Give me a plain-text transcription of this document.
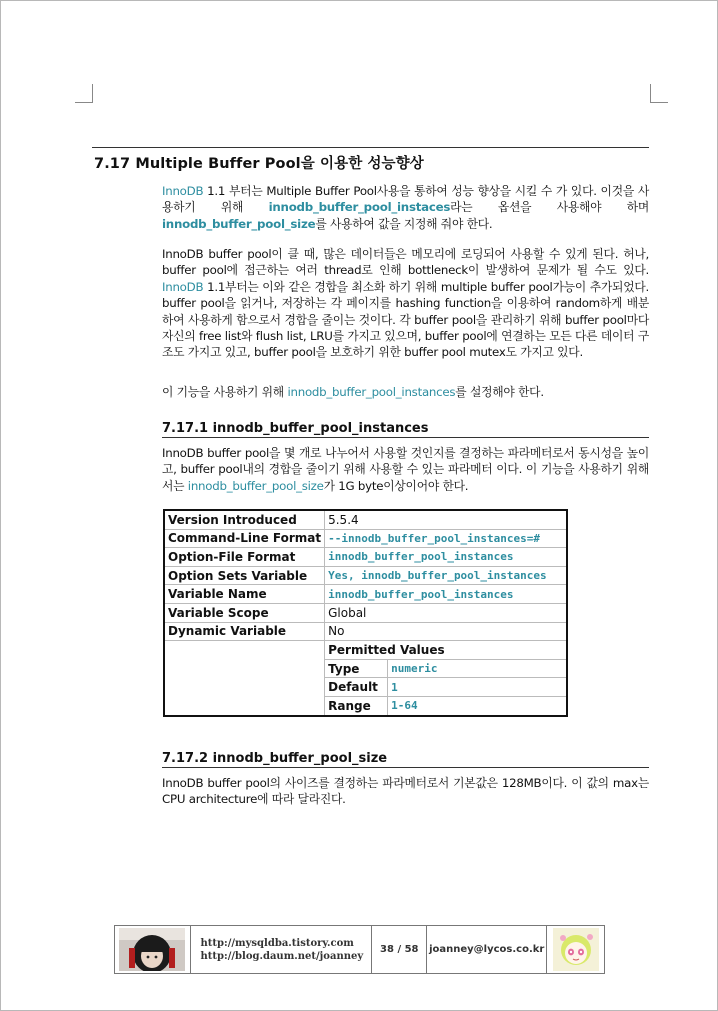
7.17 Multiple Buffer Pool을 이용한 성능향상

InnoDB 1.1 부터는 Multiple Buffer Pool사용을 통하여 성능 향상을 시킬 수 가 있다. 이것을 사용하기 위해 innodb_buffer_pool_instaces라는 옵션을 사용해야 하며 innodb_buffer_pool_size를 사용하여 값을 지정해 줘야 한다.

InnoDB buffer pool이 클 때, 많은 데이터들은 메모리에 로딩되어 사용할 수 있게 된다. 허나, buffer pool에 접근하는 여러 thread로 인해 bottleneck이 발생하여 문제가 될 수도 있다. InnoDB 1.1부터는 이와 같은 경합을 최소화 하기 위해 multiple buffer pool가능이 추가되었다. buffer pool을 읽거나, 저장하는 각 페이지를 hashing function을 이용하여 random하게 배분하여 사용하게 함으로서 경합을 줄이는 것이다. 각 buffer pool을 관리하기 위해 buffer pool마다 자신의 free list와 flush list, LRU를 가지고 있으며, buffer pool에 연결하는 모든 다른 데이터 구조도 가지고 있고, buffer pool을 보호하기 위한 buffer pool mutex도 가지고 있다.

이 기능을 사용하기 위해 innodb_buffer_pool_instances를 설정해야 한다.

7.17.1 innodb_buffer_pool_instances

InnoDB buffer pool을 몇 개로 나누어서 사용할 것인지를 결정하는 파라메터로서 동시성을 높이고, buffer pool내의 경합을 줄이기 위해 사용할 수 있는 파라메터 이다. 이 기능을 사용하기 위해서는 innodb_buffer_pool_size가 1G byte이상이어야 한다.

Version Introduced	5.5.4	
Command-Line Format	--innodb_buffer_pool_instances=#	
Option-File Format	innodb_buffer_pool_instances	
Option Sets Variable	Yes, innodb_buffer_pool_instances	
Variable Name	innodb_buffer_pool_instances	
Variable Scope	Global	
Dynamic Variable	No	
	Permitted Values	
	Type	numeric
	Default	1
	Range	1-64
7.17.2 innodb_buffer_pool_size

InnoDB buffer pool의 사이즈를 결정하는 파라메터로서 기본값은 128MB이다. 이 값의 max는 CPU architecture에 따라 달라진다.

http://mysqldba.tistory.com
http://blog.daum.net/joanney
38 / 58	joanney@lycos.co.kr
